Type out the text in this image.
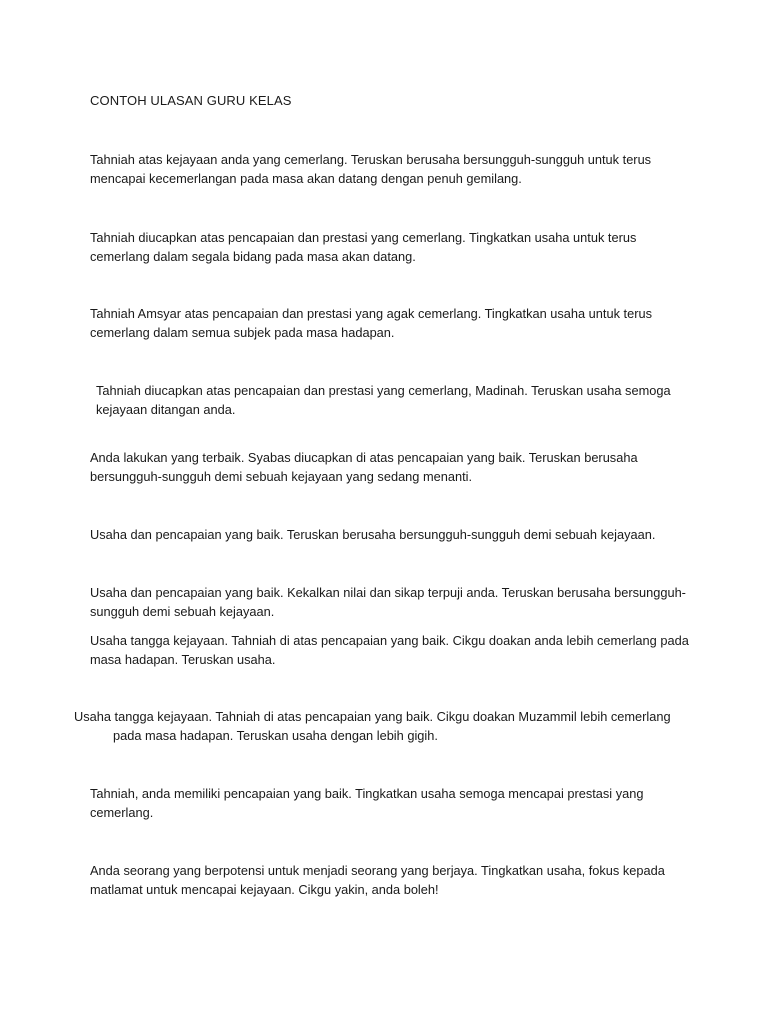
CONTOH ULASAN GURU KELAS

Tahniah atas kejayaan anda yang cemerlang. Teruskan berusaha bersungguh-sungguh untuk terus mencapai kecemerlangan pada masa akan datang dengan penuh gemilang.

Tahniah diucapkan atas pencapaian dan prestasi yang cemerlang. Tingkatkan usaha untuk terus cemerlang dalam segala bidang pada masa akan datang.

Tahniah Amsyar atas pencapaian dan prestasi yang agak cemerlang. Tingkatkan usaha untuk terus cemerlang dalam semua subjek pada masa hadapan.

Tahniah diucapkan atas pencapaian dan prestasi yang cemerlang, Madinah. Teruskan usaha semoga kejayaan ditangan anda.

Anda lakukan yang terbaik. Syabas diucapkan di atas pencapaian yang baik. Teruskan berusaha bersungguh-sungguh demi sebuah kejayaan yang sedang menanti.

Usaha dan pencapaian yang baik. Teruskan berusaha bersungguh-sungguh demi sebuah kejayaan.

Usaha dan pencapaian yang baik. Kekalkan nilai dan sikap terpuji anda. Teruskan berusaha bersungguh-sungguh demi sebuah kejayaan.

Usaha tangga kejayaan. Tahniah di atas pencapaian yang baik. Cikgu doakan anda lebih cemerlang pada masa hadapan. Teruskan usaha.

Usaha tangga kejayaan. Tahniah di atas pencapaian yang baik. Cikgu doakan Muzammil lebih cemerlang pada masa hadapan. Teruskan usaha dengan lebih gigih.

Tahniah, anda memiliki pencapaian yang baik. Tingkatkan usaha semoga mencapai prestasi yang cemerlang.

Anda seorang yang berpotensi untuk menjadi seorang yang berjaya. Tingkatkan usaha, fokus kepada matlamat untuk mencapai kejayaan. Cikgu yakin, anda boleh!
